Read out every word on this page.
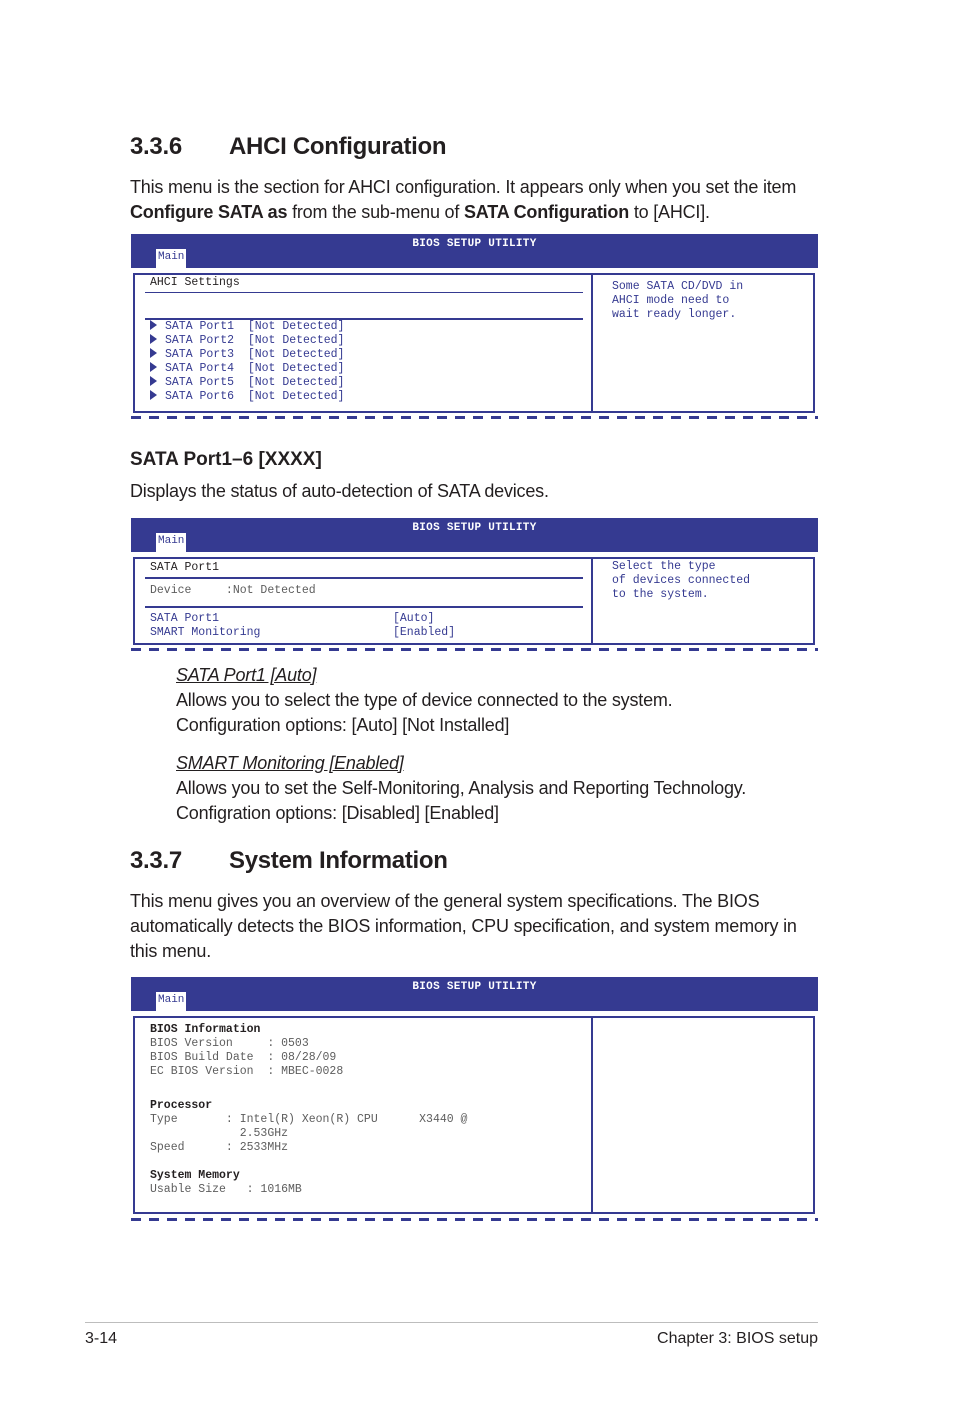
3.3.6 AHCI Configuration
This menu is the section for AHCI configuration. It appears only when you set the item Configure SATA as from the sub-menu of SATA Configuration to [AHCI].
BIOS SETUP UTILITY
Main
AHCI Settings
SATA Port1  [Not Detected]
SATA Port2  [Not Detected]
SATA Port3  [Not Detected]
SATA Port4  [Not Detected]
SATA Port5  [Not Detected]
SATA Port6  [Not Detected]
Some SATA CD/DVD in
AHCI mode need to
wait ready longer.
SATA Port1–6 [XXXX]
Displays the status of auto-detection of SATA devices.
BIOS SETUP UTILITY
Main
SATA Port1
Device     :Not Detected
SATA Port1	[Auto]
SMART Monitoring	[Enabled]
Select the type
of devices connected
to the system.
SATA Port1 [Auto]
Allows you to select the type of device connected to the system.
Configuration options: [Auto] [Not Installed]
SMART Monitoring [Enabled]
Allows you to set the Self-Monitoring, Analysis and Reporting Technology.
Configration options: [Disabled] [Enabled]
3.3.7 System Information
This menu gives you an overview of the general system specifications. The BIOS automatically detects the BIOS information, CPU specification, and system memory in this menu.
BIOS SETUP UTILITY
Main
BIOS Information
BIOS Version     : 0503
BIOS Build Date  : 08/28/09
EC BIOS Version  : MBEC-0028
Processor
Type       : Intel(R) Xeon(R) CPU      X3440 @
2.53GHz
Speed      : 2533MHz
System Memory
Usable Size   : 1016MB
3-14	Chapter 3: BIOS setup
